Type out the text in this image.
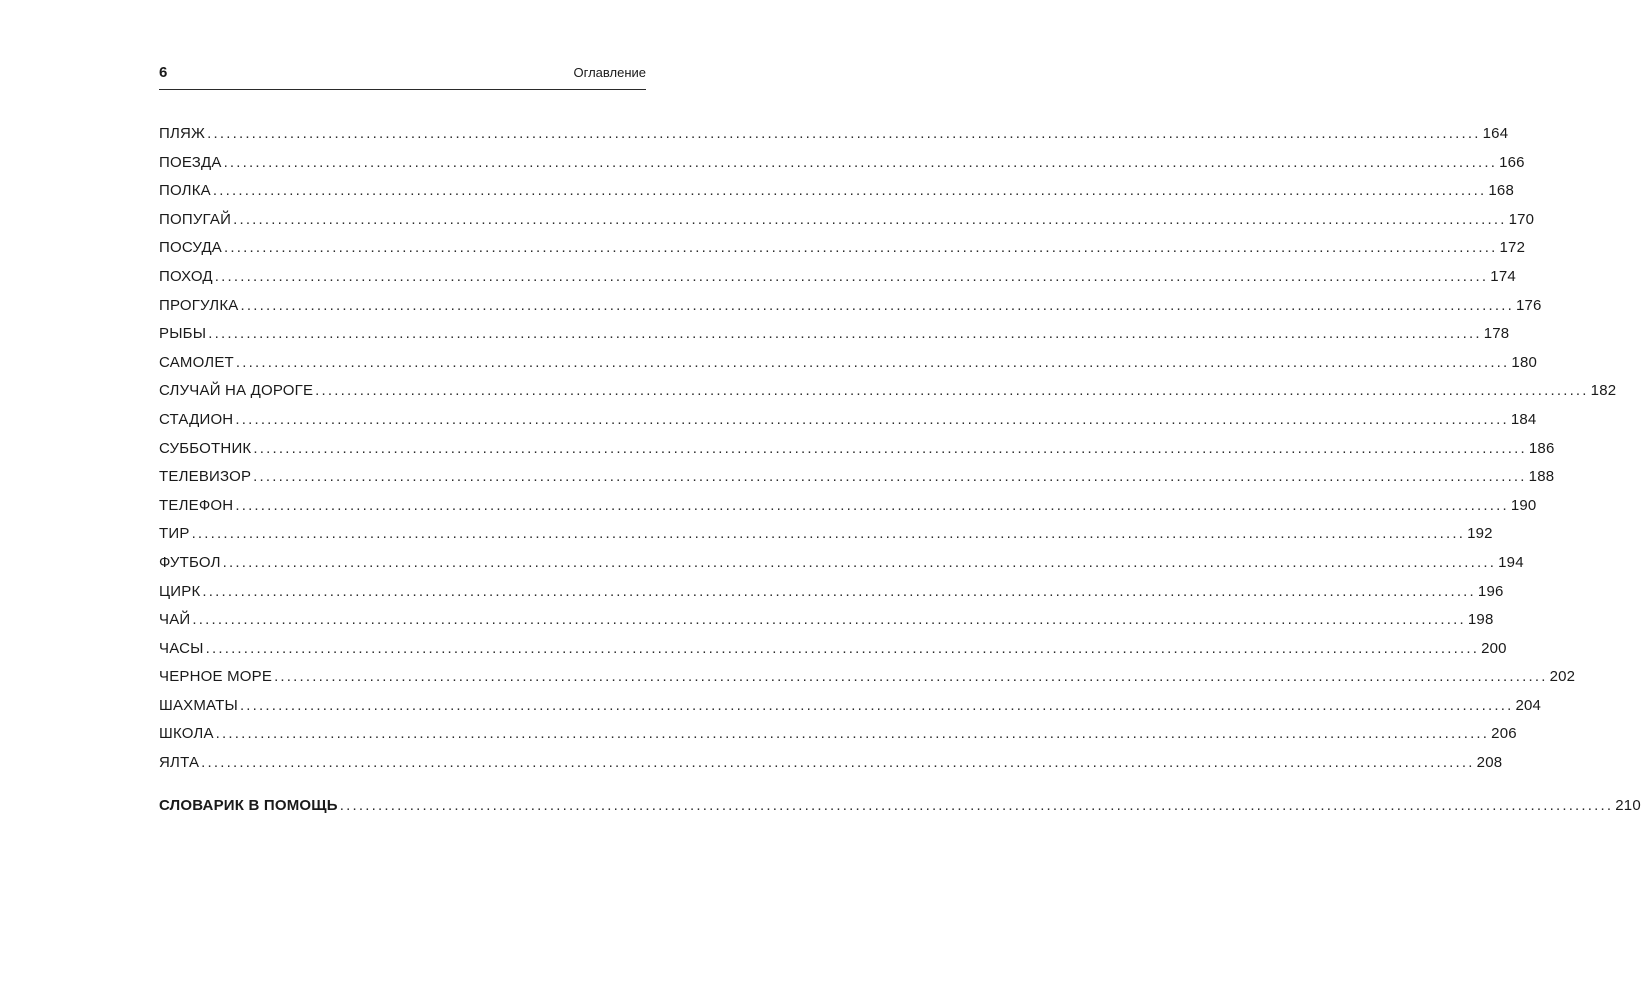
6	Оглавление
ПЛЯЖ ........................................................................................................................................................................................................ 164
ПОЕЗДА ........................................................................................................................................................................................................ 166
ПОЛКА ........................................................................................................................................................................................................ 168
ПОПУГАЙ ........................................................................................................................................................................................................ 170
ПОСУДА ........................................................................................................................................................................................................ 172
ПОХОД ........................................................................................................................................................................................................ 174
ПРОГУЛКА ........................................................................................................................................................................................................ 176
РЫБЫ ........................................................................................................................................................................................................ 178
САМОЛЕТ ........................................................................................................................................................................................................ 180
СЛУЧАЙ НА ДОРОГЕ ........................................................................................................................................................................................................ 182
СТАДИОН ........................................................................................................................................................................................................ 184
СУББОТНИК ........................................................................................................................................................................................................ 186
ТЕЛЕВИЗОР ........................................................................................................................................................................................................ 188
ТЕЛЕФОН ........................................................................................................................................................................................................ 190
ТИР ........................................................................................................................................................................................................ 192
ФУТБОЛ ........................................................................................................................................................................................................ 194
ЦИРК ........................................................................................................................................................................................................ 196
ЧАЙ ........................................................................................................................................................................................................ 198
ЧАСЫ ........................................................................................................................................................................................................ 200
ЧЕРНОЕ МОРЕ ........................................................................................................................................................................................................ 202
ШАХМАТЫ ........................................................................................................................................................................................................ 204
ШКОЛА ........................................................................................................................................................................................................ 206
ЯЛТА ........................................................................................................................................................................................................ 208
СЛОВАРИК В ПОМОЩЬ ........................................................................................................................................................................................................ 210
